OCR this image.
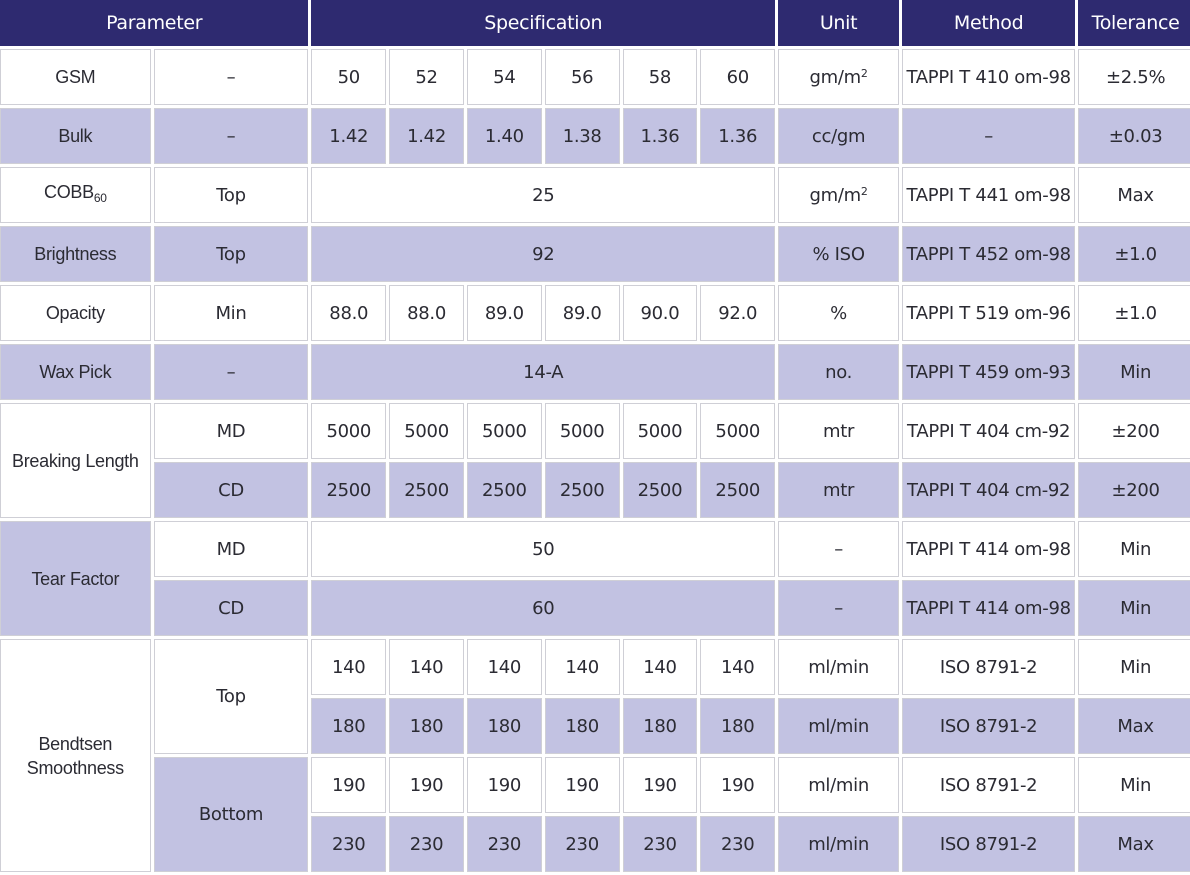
Parameter		Specification						Unit	Method	Tolerance
GSM	–	50	52	54	56	58	60	$gm/m^2$	TAPPI T 410 om-98	±2.5%
Bulk	–	1.42	1.42	1.40	1.38	1.36	1.36	cc/gm	–	±0.03
$COBB_{60}$	Top	25						$gm/m^2$	TAPPI T 441 om-98	Max
Brightness	Top	92						% ISO	TAPPI T 452 om-98	±1.0
Opacity	Min	88.0	88.0	89.0	89.0	90.0	92.0	%	TAPPI T 519 om-96	±1.0
Wax Pick	–	14-A						no.	TAPPI T 459 om-93	Min
Breaking Length	MD	5000	5000	5000	5000	5000	5000	mtr	TAPPI T 404 cm-92	±200
	CD	2500	2500	2500	2500	2500	2500	mtr	TAPPI T 404 cm-92	±200
Tear Factor	MD	50						–	TAPPI T 414 om-98	Min
	CD	60						–	TAPPI T 414 om-98	Min
Bendtsen
Smoothness	Top	140	140	140	140	140	140	ml/min	ISO 8791-2	Min
		180	180	180	180	180	180	ml/min	ISO 8791-2	Max
	Bottom	190	190	190	190	190	190	ml/min	ISO 8791-2	Min
		230	230	230	230	230	230	ml/min	ISO 8791-2	Max
